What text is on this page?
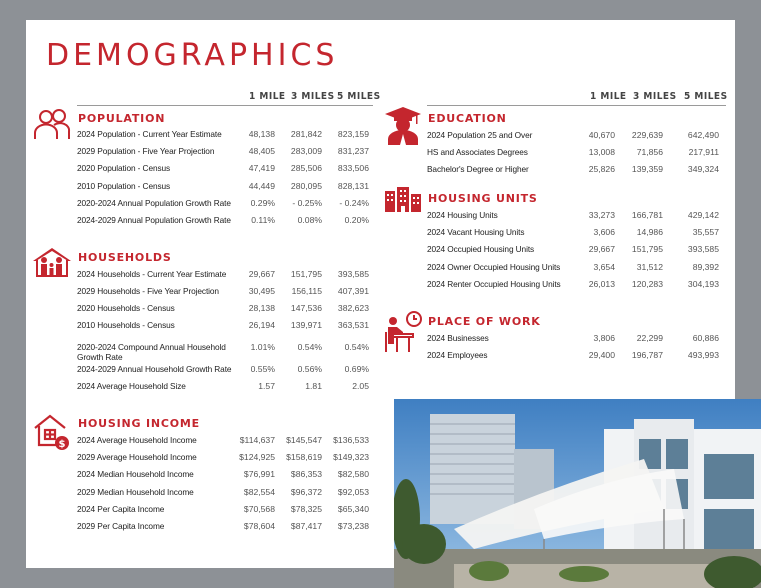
DEMOGRAPHICS
1 MILE 3 MILES 5 MILES	1 MILE 3 MILES 5 MILES
$
POPULATION
HOUSEHOLDS
HOUSING INCOME
EDUCATION
HOUSING UNITS
PLACE OF WORK
2024 Population - Current Year Estimate	48,138	281,842	823,159
2029 Population - Five Year Projection	48,405	283,009	831,237
2020 Population - Census	47,419	285,506	833,506
2010 Population - Census	44,449	280,095	828,131
2020-2024 Annual Population Growth Rate	0.29%	- 0.25%	- 0.24%
2024-2029 Annual Population Growth Rate	0.11%	0.08%	0.20%
2024 Households - Current Year Estimate	29,667	151,795	393,585
2029 Households - Five Year Projection	30,495	156,115	407,391
2020 Households - Census	28,138	147,536	382,623
2010 Households - Census	26,194	139,971	363,531
2020-2024 Compound Annual Household Growth Rate
1.01%	0.54%	0.54%
2024-2029 Annual Household Growth Rate	0.55%	0.56%	0.69%
2024 Average Household Size	1.57	1.81	2.05
2024 Average Household Income	$114,637	$145,547	$136,533
2029 Average Household Income	$124,925	$158,619	$149,323
2024 Median Household Income	$76,991	$86,353	$82,580
2029 Median Household Income	$82,554	$96,372	$92,053
2024 Per Capita Income	$70,568	$78,325	$65,340
2029 Per Capita Income	$78,604	$87,417	$73,238
2024 Population 25 and Over	40,670	229,639	642,490
HS and Associates Degrees	13,008	71,856	217,911
Bachelor's Degree or Higher	25,826	139,359	349,324
2024 Housing Units	33,273	166,781	429,142
2024 Vacant Housing Units	3,606	14,986	35,557
2024 Occupied Housing Units	29,667	151,795	393,585
2024 Owner Occupied Housing Units	3,654	31,512	89,392
2024 Renter Occupied Housing Units	26,013	120,283	304,193
2024 Businesses	3,806	22,299	60,886
2024 Employees	29,400	196,787	493,993
